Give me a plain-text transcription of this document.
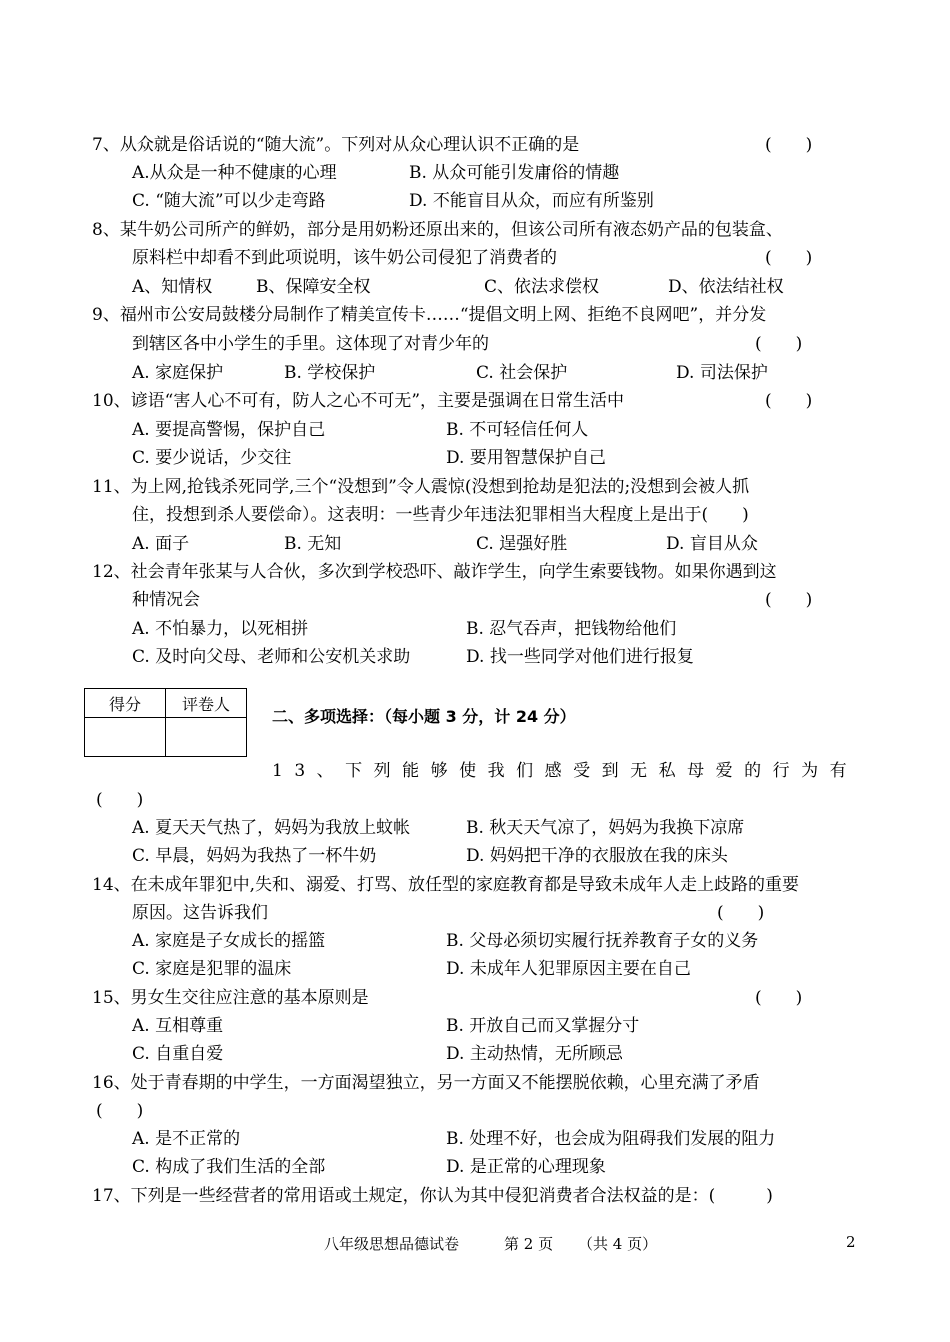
7、从众就是俗话说的“随大流”。下列对从众心理认识不正确的是	(　　)
A.从众是一种不健康的心理	B. 从众可能引发庸俗的情趣
C. “随大流”可以少走弯路	D. 不能盲目从众，而应有所鉴别
8、某牛奶公司所产的鲜奶，部分是用奶粉还原出来的，但该公司所有液态奶产品的包装盒、
原料栏中却看不到此项说明，该牛奶公司侵犯了消费者的	(　　)
A、知情权	B、保障安全权	C、依法求偿权	D、依法结社权
9、福州市公安局鼓楼分局制作了精美宣传卡……“提倡文明上网、拒绝不良网吧”，并分发
到辖区各中小学生的手里。这体现了对青少年的	(　　)
A. 家庭保护	B. 学校保护	C. 社会保护	D. 司法保护
10、谚语“害人心不可有，防人之心不可无”，主要是强调在日常生活中	(　　)
A. 要提高警惕，保护自己	B. 不可轻信任何人
C. 要少说话，少交往	D. 要用智慧保护自己
11、为上网,抢钱杀死同学,三个“没想到”令人震惊(没想到抢劫是犯法的;没想到会被人抓
住，投想到杀人要偿命）。这表明：一些青少年违法犯罪相当大程度上是出于(　　)
A. 面子	B. 无知	C. 逞强好胜	D. 盲目从众
12、社会青年张某与人合伙，多次到学校恐吓、敲诈学生，向学生索要钱物。如果你遇到这
种情况会	(　　)
A. 不怕暴力，以死相拼	B. 忍气吞声，把钱物给他们
C. 及时向父母、老师和公安机关求助	D. 找一些同学对他们进行报复
得分	评卷人

二、多项选择：（每小题 3 分，计 24 分）
13、下列能够使我们感受到无私母爱的行为有
(　　)
A. 夏天天气热了，妈妈为我放上蚊帐	B. 秋天天气凉了，妈妈为我换下凉席
C. 早晨，妈妈为我热了一杯牛奶	D. 妈妈把干净的衣服放在我的床头
14、在未成年罪犯中,失和、溺爱、打骂、放任型的家庭教育都是导致未成年人走上歧路的重要
原因。这告诉我们	(　　)
A. 家庭是子女成长的摇篮	B. 父母必须切实履行抚养教育子女的义务
C. 家庭是犯罪的温床	D. 未成年人犯罪原因主要在自己
15、男女生交往应注意的基本原则是	(　　)
A. 互相尊重	B. 开放自己而又掌握分寸
C. 自重自爱	D. 主动热情，无所顾忌
16、处于青春期的中学生，一方面渴望独立，另一方面又不能摆脱依赖，心里充满了矛盾
(　　)
A. 是不正常的	B. 处理不好，也会成为阻碍我们发展的阻力
C. 构成了我们生活的全部	D. 是正常的心理现象
17、下列是一些经营者的常用语或土规定，你认为其中侵犯消费者合法权益的是：(　　　)
八年级思想品德试卷	第 2 页 （共 4 页）	2
